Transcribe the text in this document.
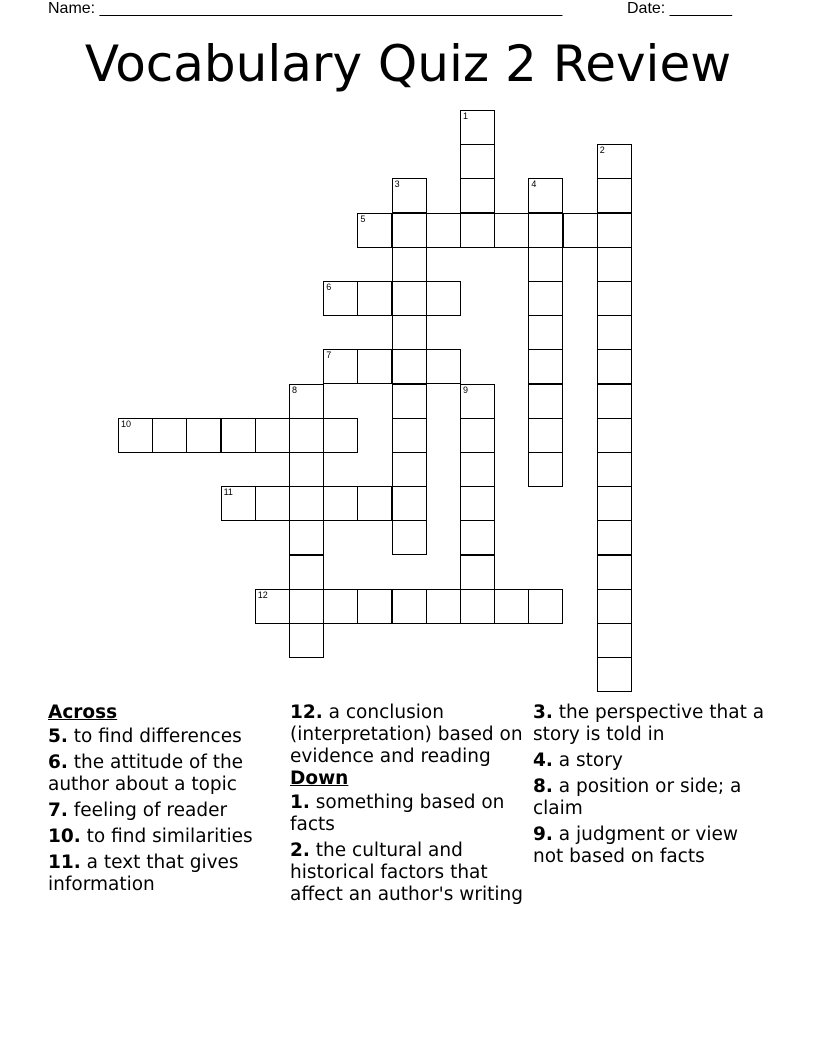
Name: ____________________________________________________	Date: _______
Vocabulary Quiz 2 Review
1
2
3	4
5
6
7
8	9
10
11
12
Across
5. to find differences
6. the attitude of the author about a topic
7. feeling of reader
10. to find similarities
11. a text that gives information
12. a conclusion (interpretation) based on evidence and reading
Down
1. something based on facts
2. the cultural and historical factors that affect an author's writing
3. the perspective that a story is told in
4. a story
8. a position or side; a claim
9. a judgment or view not based on facts
